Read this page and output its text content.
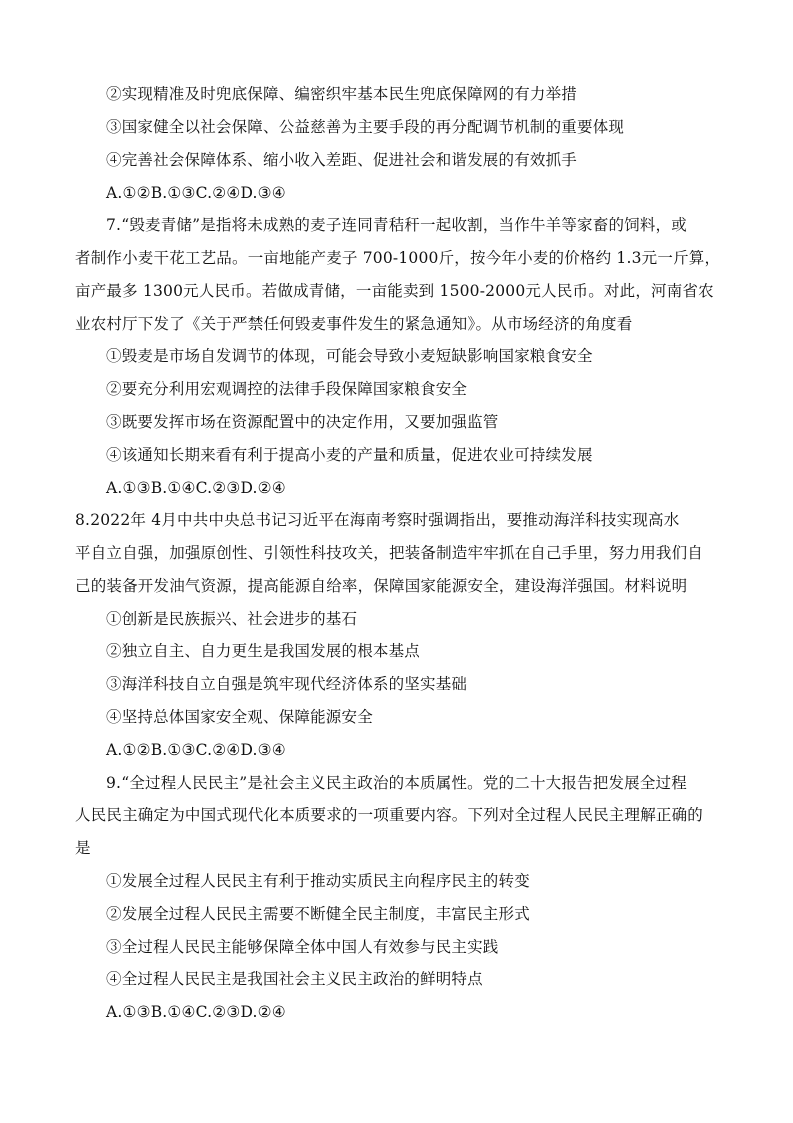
②实现精准及时兜底保障、编密织牢基本民生兜底保障网的有力举措
③国家健全以社会保障、公益慈善为主要手段的再分配调节机制的重要体现
④完善社会保障体系、缩小收入差距、促进社会和谐发展的有效抓手
A.①②B.①③C.②④D.③④
7.“毁麦青储”是指将未成熟的麦子连同青秸秆一起收割，当作牛羊等家畜的饲料，或
者制作小麦干花工艺品。一亩地能产麦子 700-1000斤，按今年小麦的价格约 1.3元一斤算，
亩产最多 1300元人民币。若做成青储，一亩能卖到 1500-2000元人民币。对此，河南省农
业农村厅下发了《关于严禁任何毁麦事件发生的紧急通知》。从市场经济的角度看
①毁麦是市场自发调节的体现，可能会导致小麦短缺影响国家粮食安全
②要充分利用宏观调控的法律手段保障国家粮食安全
③既要发挥市场在资源配置中的决定作用，又要加强监管
④该通知长期来看有利于提高小麦的产量和质量，促进农业可持续发展
A.①③B.①④C.②③D.②④
8.2022年 4月中共中央总书记习近平在海南考察时强调指出，要推动海洋科技实现高水
平自立自强，加强原创性、引领性科技攻关，把装备制造牢牢抓在自己手里，努力用我们自
己的装备开发油气资源，提高能源自给率，保障国家能源安全，建设海洋强国。材料说明
①创新是民族振兴、社会进步的基石
②独立自主、自力更生是我国发展的根本基点
③海洋科技自立自强是筑牢现代经济体系的坚实基础
④坚持总体国家安全观、保障能源安全
A.①②B.①③C.②④D.③④
9.“全过程人民民主”是社会主义民主政治的本质属性。党的二十大报告把发展全过程
人民民主确定为中国式现代化本质要求的一项重要内容。下列对全过程人民民主理解正确的
是
①发展全过程人民民主有利于推动实质民主向程序民主的转变
②发展全过程人民民主需要不断健全民主制度，丰富民主形式
③全过程人民民主能够保障全体中国人有效参与民主实践
④全过程人民民主是我国社会主义民主政治的鲜明特点
A.①③B.①④C.②③D.②④
